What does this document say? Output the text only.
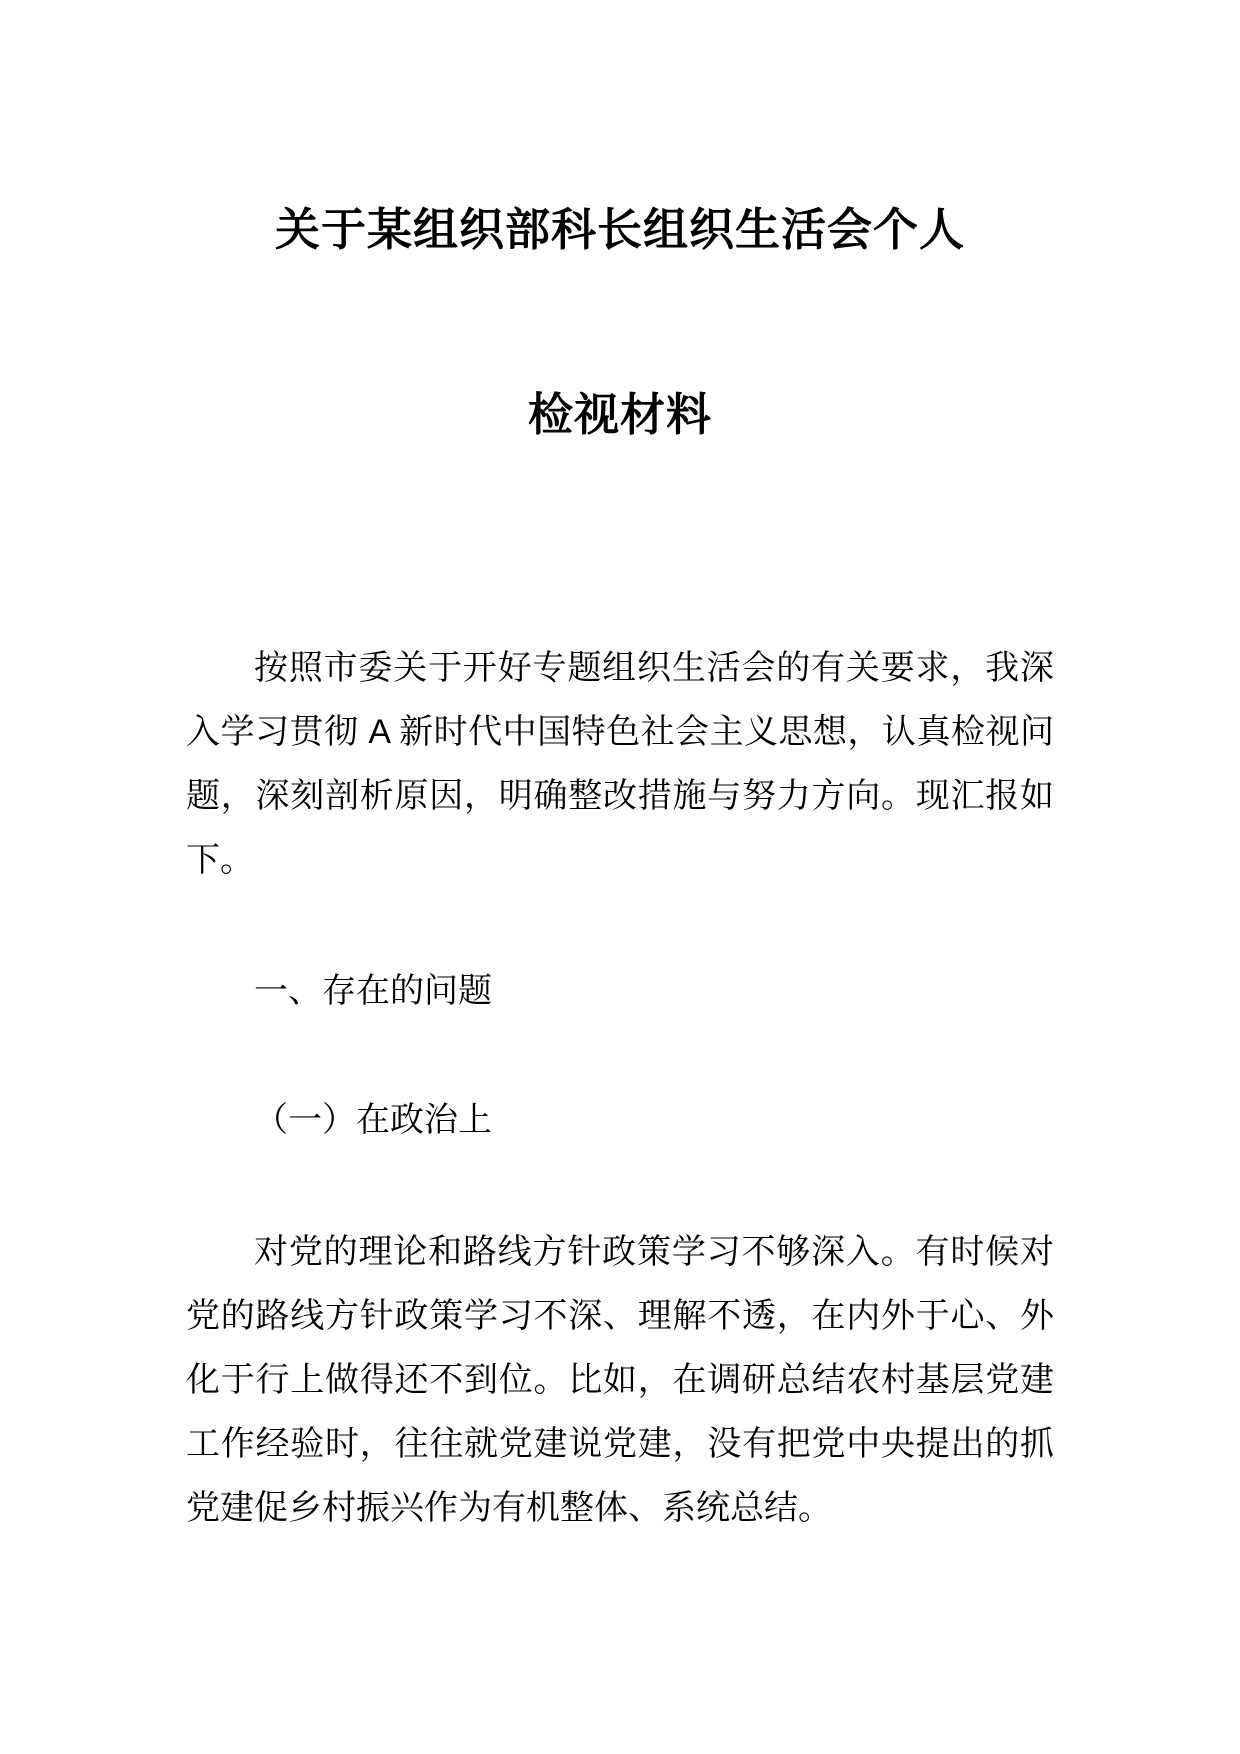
关于某组织部科长组织生活会个人
检视材料
按照市委关于开好专题组织生活会的有关要求，我深
入学习贯彻 A 新时代中国特色社会主义思想，认真检视问
题，深刻剖析原因，明确整改措施与努力方向。现汇报如
下。
一、存在的问题
（一）在政治上
对党的理论和路线方针政策学习不够深入。有时候对
党的路线方针政策学习不深、理解不透，在内外于心、外
化于行上做得还不到位。比如，在调研总结农村基层党建
工作经验时，往往就党建说党建，没有把党中央提出的抓
党建促乡村振兴作为有机整体、系统总结。
